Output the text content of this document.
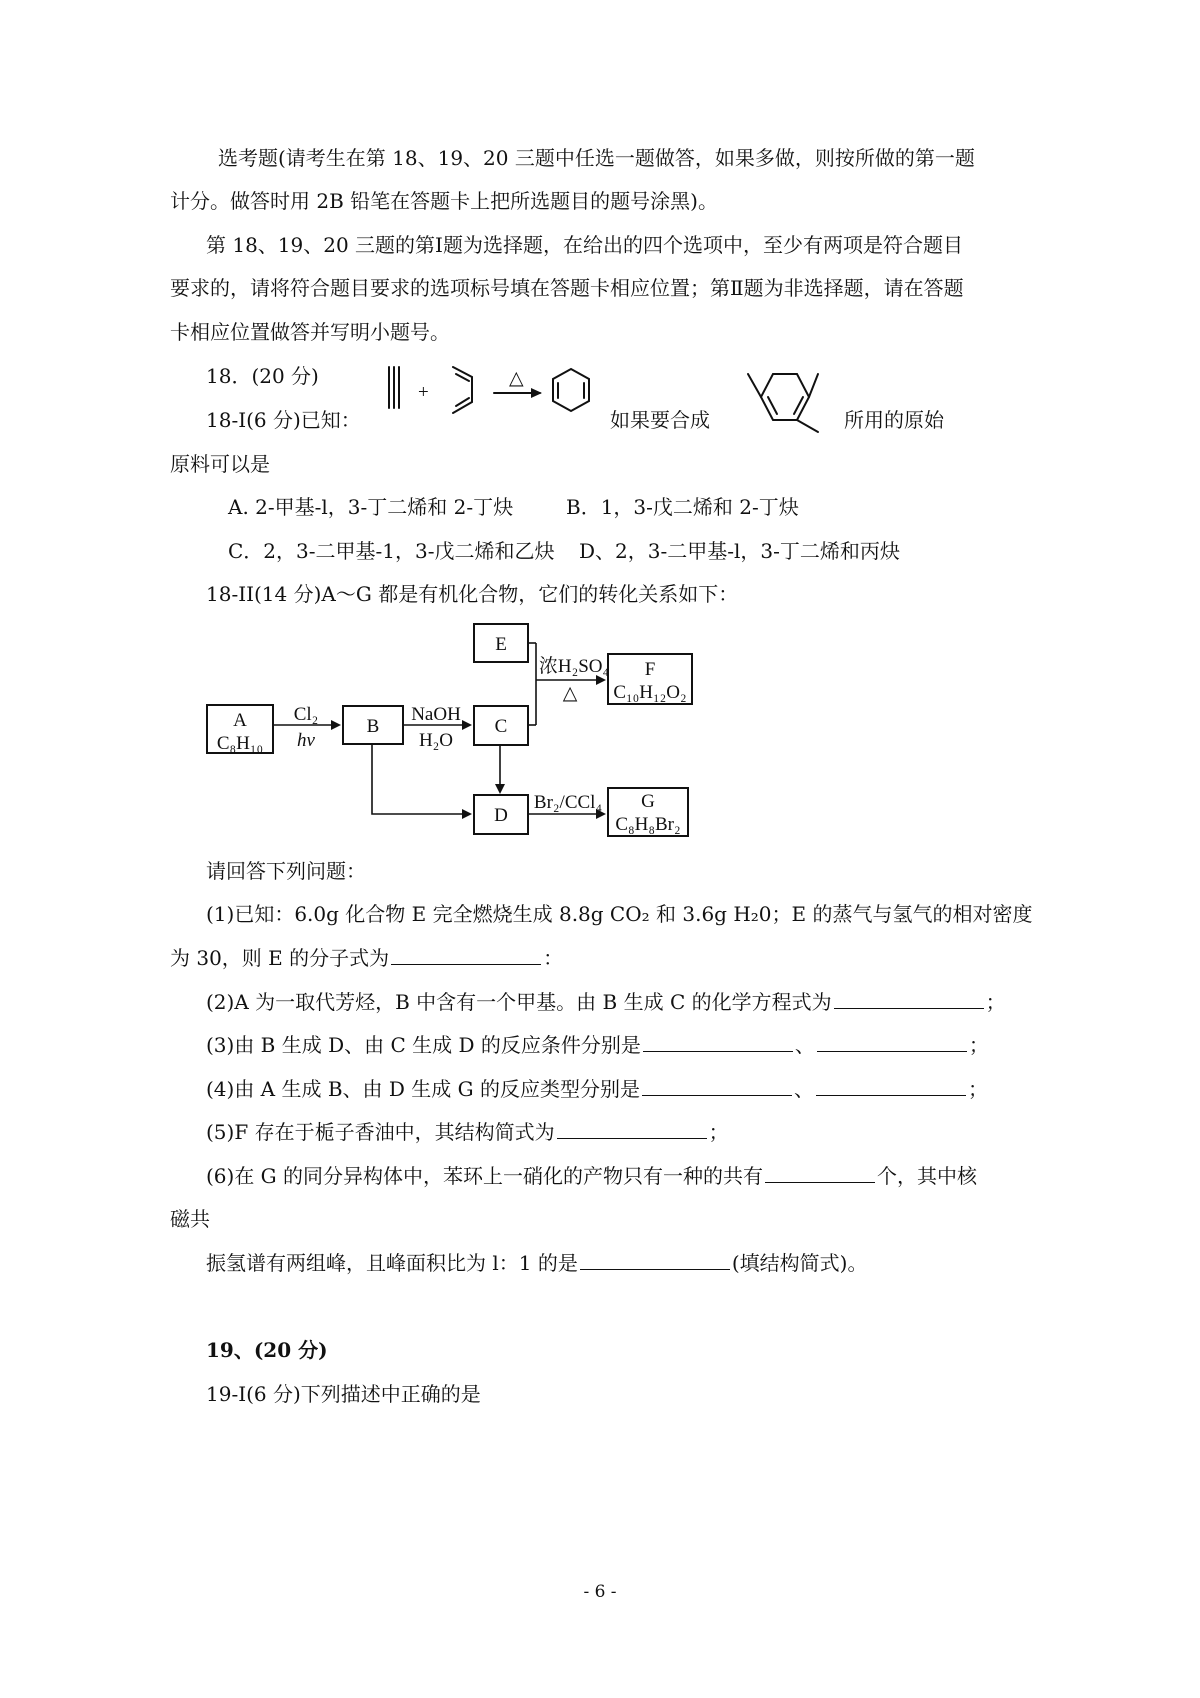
选考题(请考生在第 18、19、20 三题中任选一题做答，如果多做，则按所做的第一题
计分。做答时用 2B 铅笔在答题卡上把所选题目的题号涂黑)。
第 18、19、20 三题的第Ⅰ题为选择题，在给出的四个选项中，至少有两项是符合题目
要求的，请将符合题目要求的选项标号填在答题卡相应位置；第Ⅱ题为非选择题，请在答题
卡相应位置做答并写明小题号。
18．(20 分)
+
△
18-I(6 分)已知：	如果要合成	所用的原始
原料可以是
A. 2-甲基-l，3-丁二烯和 2-丁炔	B．1，3-戊二烯和 2-丁炔
C．2，3-二甲基-1，3-戊二烯和乙炔 D、2，3-二甲基-l，3-丁二烯和丙炔
18-II(14 分)A～G 都是有机化合物，它们的转化关系如下：
A
C₈H₁₀
B	C
D
E
F
C₁₀H₁₂O₂
G
C₈H₈Br₂
Cl₂
hv
NaOH
H₂O
浓H₂SO₄
△
Br₂/CCl₄
请回答下列问题：
(1)已知：6.0g 化合物 E 完全燃烧生成 8.8g CO₂ 和 3.6g H₂0；E 的蒸气与氢气的相对密度
为 30，则 E 的分子式为	：
(2)A 为一取代芳烃，B 中含有一个甲基。由 B 生成 C 的化学方程式为	；
(3)由 B 生成 D、由 C 生成 D 的反应条件分别是	、	；
(4)由 A 生成 B、由 D 生成 G 的反应类型分别是	、	；
(5)F 存在于栀子香油中，其结构简式为	；
(6)在 G 的同分异构体中，苯环上一硝化的产物只有一种的共有	个，其中核
磁共
振氢谱有两组峰，且峰面积比为 l：1 的是	(填结构简式)。
19、(20 分)
19-I(6 分)下列描述中正确的是
- 6 -
